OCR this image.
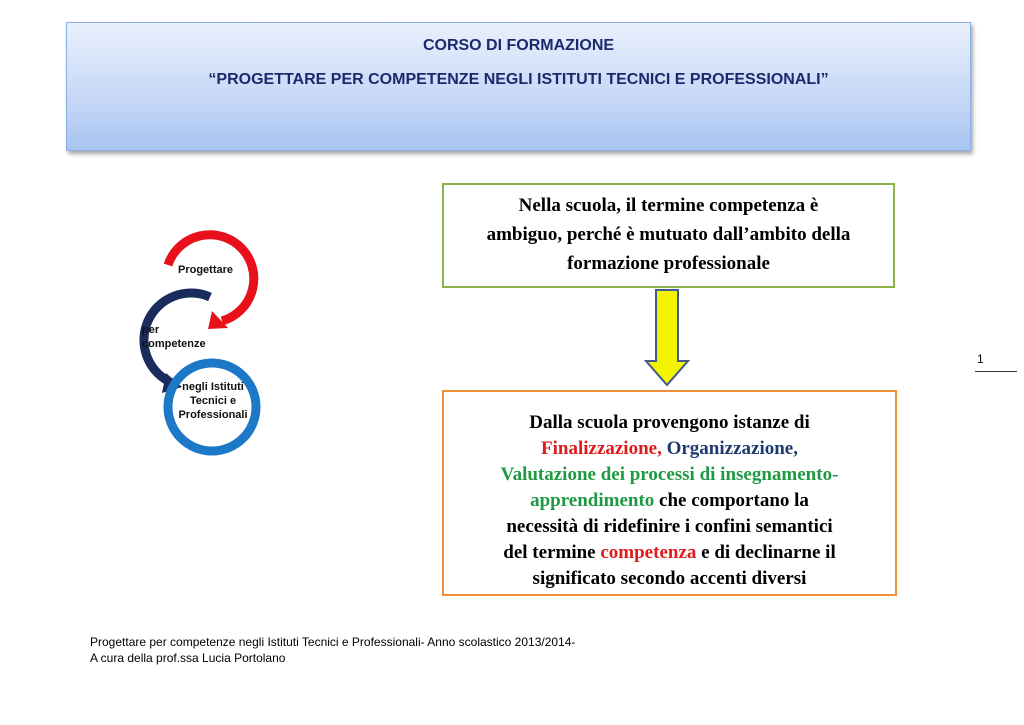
CORSO DI FORMAZIONE
“PROGETTARE PER COMPETENZE NEGLI ISTITUTI TECNICI E PROFESSIONALI”
Progettare
per competenze
negli Istituti Tecnici e Professionali
Nella scuola, il termine competenza è
ambiguo, perché è mutuato dall’ambito della
formazione professionale
Dalla scuola provengono istanze di
Finalizzazione, Organizzazione,
Valutazione dei processi di insegnamento-
apprendimento che comportano la
necessità di ridefinire i confini semantici
del termine competenza e di declinarne il
significato secondo accenti diversi
1
Progettare per competenze negli Istituti Tecnici e Professionali- Anno scolastico 2013/2014-
A cura della prof.ssa Lucia Portolano
